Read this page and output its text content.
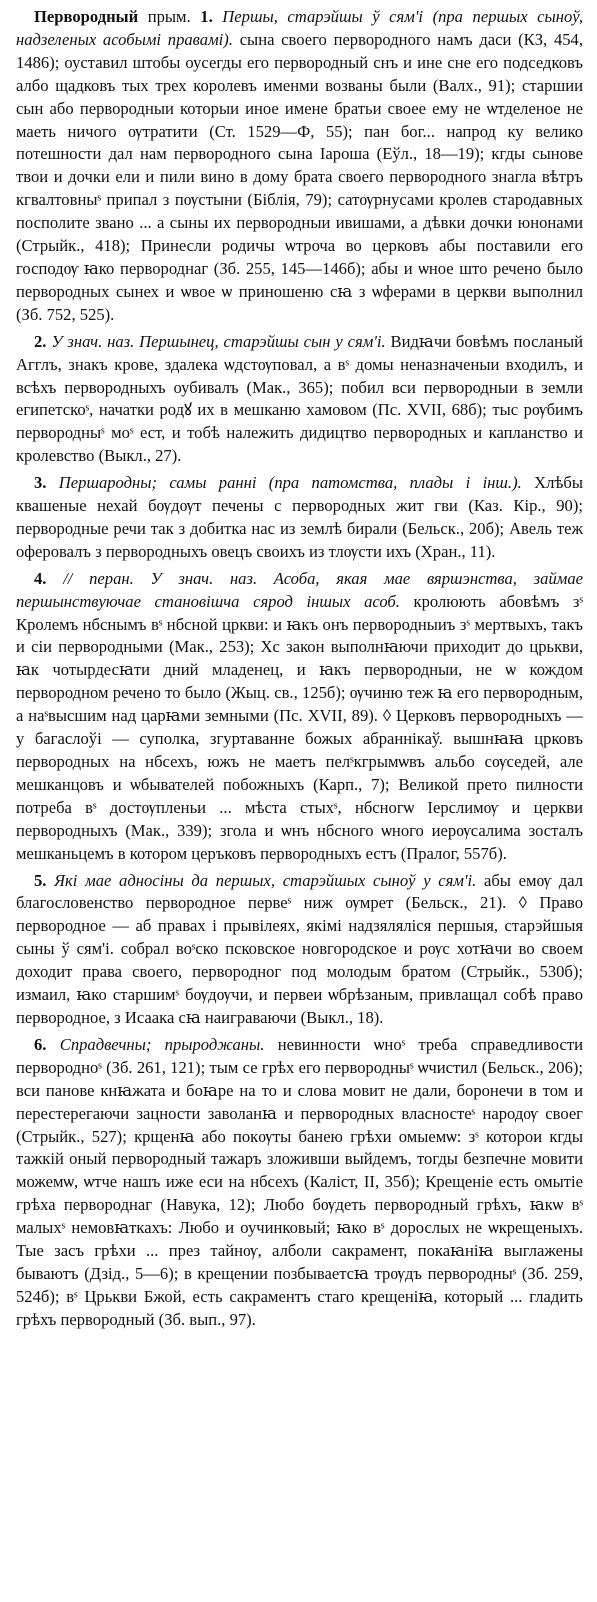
Первородный прым. 1. Першы, старэйшы ў сям'і (пра першых сыноў, надзеленых асобымі правамі). сына своего первородного намъ даси (КЗ, 454, 1486); оуставил штобы оусегды его первородный снъ и ине сне его подседковъ албо щадковъ тых трех королевъ именми возваны были (Валх., 91); старшии сын або первородныи которыи иное имене братьи своее ему не ѡтделеное не маеть ничого ѹтратити (Ст. 1529—Ф, 55); пан бог... напрод ку велико потешности дал нам первородного сына Іароша (Еўл., 18—19); кгды сынове твои и дочки ели и пили вино в дому брата своего первородного знагла вѣтръ кгвалтовныˢ припал з пѹстыни (Біблія, 79); сатѹрнусами кролев стародавных посполите звано ... а сыны их первородныи ивишами, а дѣвки дочки юнонами (Стрыйк., 418); Принесли родичы ѡтроча во церковъ абы поставили его господѹ ꙗко первороднаг (Зб. 255, 145—146б); абы и ѡное што речено было первородных сынех и ѡвое ѡ приношеню сꙗ з ѡферами в церкви выполнил (Зб. 752, 525).

2. У знач. наз. Першынец, старэйшы сын у сям'і. Видꙗчи бовѣмъ посланый Агглъ, знакъ крове, здалека ѡдстѹповал, а вˢ домы неназначеныи входилъ, и всѣхъ первородныхъ оубивалъ (Мак., 365); побил вси первородныи в земли египетскоˢ, начатки родꙋ их в мешканю хамовом (Пс. XVII, 68б); тыс рѹбимъ первородныˢ моˢ ест, и тобѣ належить дидицтво первородных и капланство и кролевство (Выкл., 27).

3. Першародны; самы ранні (пра патомства, плады і інш.). Хлѣбы квашеные нехай бѹдѹт печены с первородных жит гви (Каз. Кір., 90); первородные речи так з добитка нас из землѣ бирали (Бельск., 20б); Авель теж оферовалъ з первородныхъ овецъ своихъ из тлѹсти ихъ (Хран., 11).

4. // перан. У знач. наз. Асоба, якая мае вяршэнства, займае першынствуючае становішча сярод іншых асоб. кролюють абовѣмъ зˢ Кролемъ нбснымъ вˢ нбсной цркви: и ꙗкъ онъ первородныиъ зˢ мертвыхъ, такъ и сіи первородными (Мак., 253); Хс закон выполнꙗючи приходит до црькви, ꙗк чотырдесꙗти дний младенец, и ꙗкъ первородныи, не ѡ кождом первородном речено то было (Жыц. св., 125б); ѹчиню теж ꙗ его первородным, а наˢвысшим над царꙗми земными (Пс. XVII, 89). ◊ Церковъ первородныхъ — у багаслоўі — суполка, згуртаванне божых абраннікаў. вышнꙗꙗ црковъ первородных на нбсехъ, южъ не маетъ пелˢкгрымѡвъ альбо сѹседей, але мешканцовъ и ѡбывателей побожныхъ (Карп., 7); Великой прето пилности потреба вˢ достѹпленьи ... мѣста стыхˢ, нбсногѡ Іерслимѹ и церкви первородныхъ (Мак., 339); згола и ѡнъ нбсного ѡного иерѹсалима зосталъ мешканьцемъ в котором церъковъ первородныхъ естъ (Пралог, 557б).

5. Які мае адносіны да першых, старэйшых сыноў у сям'і. абы емѹ дал благословенство первородное первеˢ ниж ѹмрет (Бельск., 21). ◊ Право первородное — аб правах і прывілеях, якімі надзяляліся першыя, старэйшыя сыны ў сям'і. собрал воˢско псковское новгородское и рѹс хотꙗчи во своем доходит права своего, первородног под молодым братом (Стрыйк., 530б); измаил, ꙗко старшимˢ бѹдѹчи, и первеи ѡбрѣзаным, привлащал собѣ право первородное, з Исаака сꙗ наиграваючи (Выкл., 18).

6. Спрадвечны; прыроджаны. невинности ѡноˢ треба справедливости первороднοˢ (Зб. 261, 121); тым се грѣх его первородныˢ ѡчистил (Бельск., 206); вси панове кнꙗжата и боꙗре на то и слова мовит не дали, боронечи в том и перестерегаючи зацности заволанꙗ и первородных власностеˢ народѹ своег (Стрыйк., 527); крщенꙗ або покѹты банею грѣхи омыемѡ: зˢ которои кгды тажкій оный первородный тажаръ зложивши выйдемъ, тогды безпечне мовити можемѡ, ѡтче нашъ иже еси на нбсехъ (Каліст, II, 35б); Крещеніе есть омытіе грѣха первороднаг (Навука, 12); Любо бѹдеть первородный грѣхъ, ꙗкѡ вˢ малыхˢ немовꙗткахъ: Любо и оучинковый; ꙗко вˢ дорослых не ѡкрещеныхъ. Тые засъ грѣхи ... през тайнѹ, алболи сакрамент, покаꙗніꙗ выглажены бываютъ (Дзід., 5—6); в крещении позбываетсꙗ трѹдъ первородныˢ (Зб. 259, 524б); вˢ Црькви Бжой, есть сакраментъ стаго крещеніꙗ, который ... гладить грѣхъ первородный (Зб. вып., 97).
